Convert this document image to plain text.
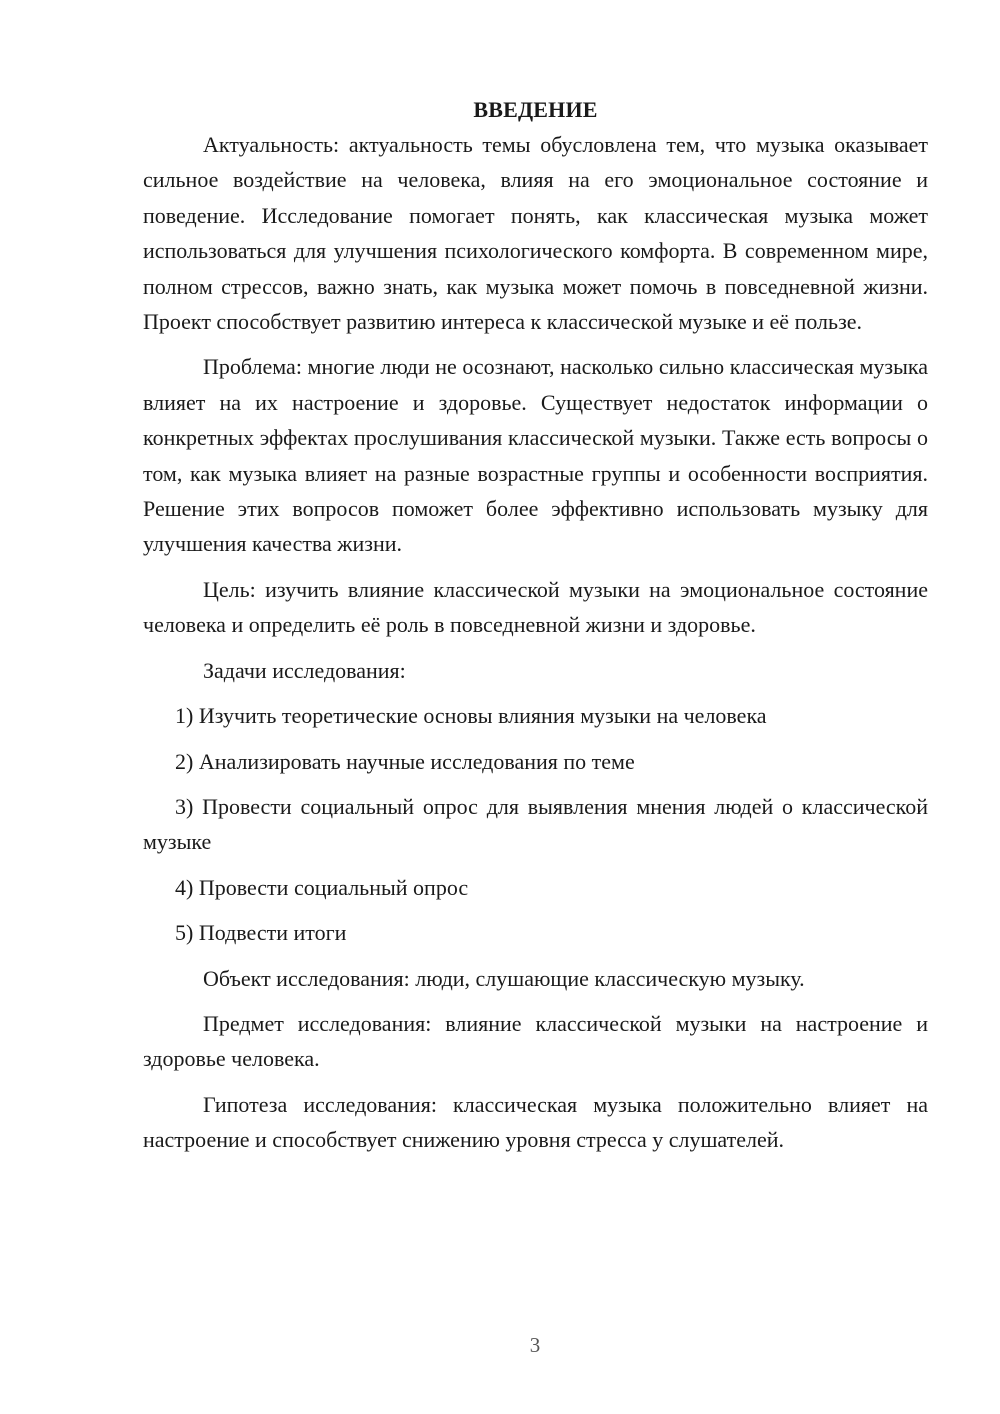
ВВЕДЕНИЕ

Актуальность: актуальность темы обусловлена тем, что музыка оказывает сильное воздействие на человека, влияя на его эмоциональное состояние и поведение. Исследование помогает понять, как классическая музыка может использоваться для улучшения психологического комфорта. В современном мире, полном стрессов, важно знать, как музыка может помочь в повседневной жизни. Проект способствует развитию интереса к классической музыке и её пользе.

Проблема: многие люди не осознают, насколько сильно классическая музыка влияет на их настроение и здоровье. Существует недостаток информации о конкретных эффектах прослушивания классической музыки. Также есть вопросы о том, как музыка влияет на разные возрастные группы и особенности восприятия. Решение этих вопросов поможет более эффективно использовать музыку для улучшения качества жизни.

Цель: изучить влияние классической музыки на эмоциональное состояние человека и определить её роль в повседневной жизни и здоровье.

Задачи исследования:

1) Изучить теоретические основы влияния музыки на человека

2) Анализировать научные исследования по теме

3) Провести социальный опрос для выявления мнения людей о классической музыке

4) Провести социальный опрос

5) Подвести итоги

Объект исследования: люди, слушающие классическую музыку.

Предмет исследования: влияние классической музыки на настроение и здоровье человека.

Гипотеза исследования: классическая музыка положительно влияет на настроение и способствует снижению уровня стресса у слушателей.

3
